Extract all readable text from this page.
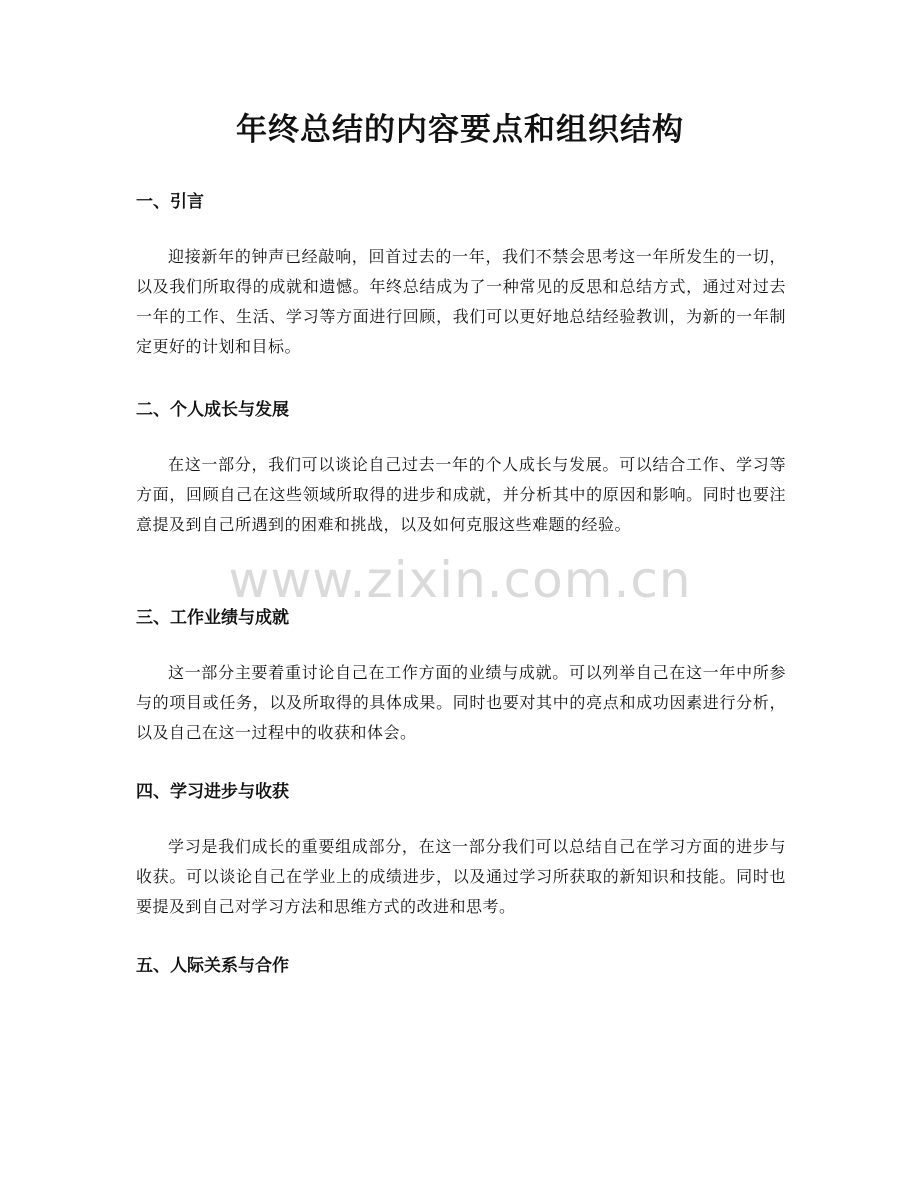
年终总结的内容要点和组织结构
一、引言

迎接新年的钟声已经敲响，回首过去的一年，我们不禁会思考这一年所发生的一切，以及我们所取得的成就和遗憾。年终总结成为了一种常见的反思和总结方式，通过对过去一年的工作、生活、学习等方面进行回顾，我们可以更好地总结经验教训，为新的一年制定更好的计划和目标。

二、个人成长与发展

在这一部分，我们可以谈论自己过去一年的个人成长与发展。可以结合工作、学习等方面，回顾自己在这些领域所取得的进步和成就，并分析其中的原因和影响。同时也要注意提及到自己所遇到的困难和挑战，以及如何克服这些难题的经验。

三、工作业绩与成就

这一部分主要着重讨论自己在工作方面的业绩与成就。可以列举自己在这一年中所参与的项目或任务，以及所取得的具体成果。同时也要对其中的亮点和成功因素进行分析，以及自己在这一过程中的收获和体会。

四、学习进步与收获

学习是我们成长的重要组成部分，在这一部分我们可以总结自己在学习方面的进步与收获。可以谈论自己在学业上的成绩进步，以及通过学习所获取的新知识和技能。同时也要提及到自己对学习方法和思维方式的改进和思考。

五、人际关系与合作
www.zixin.com.cn
